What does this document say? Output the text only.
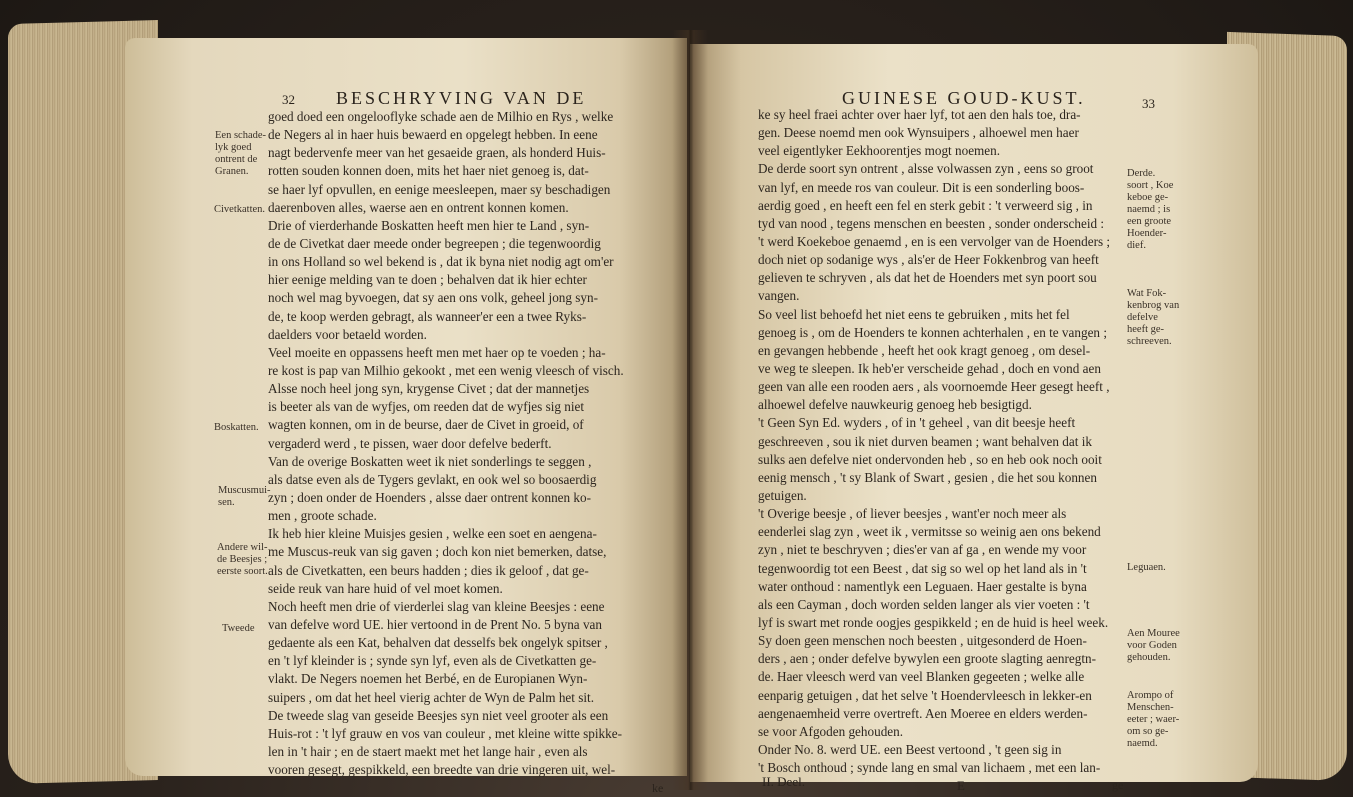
32 BESCHRYVING VAN DE
Een schade-
lyk goed
ontrent de
Granen.
Civetkatten.
Boskatten.
Muscusmui-
sen.
Andere wil-
de Beesjes ;
eerste soort.
Tweede
goed doed een ongelooflyke schade aen de Milhio en Rys , welke
de Negers al in haer huis bewaerd en opgelegt hebben. In eene
nagt bedervenfe meer van het gesaeide graen, als honderd Huis-
rotten souden konnen doen, mits het haer niet genoeg is, dat-
se haer lyf opvullen, en eenige meesleepen, maer sy beschadigen
daerenboven alles, waerse aen en ontrent konnen komen.
Drie of vierderhande Boskatten heeft men hier te Land , syn-
de de Civetkat daer meede onder begreepen ; die tegenwoordig
in ons Holland so wel bekend is , dat ik byna niet nodig agt om'er
hier eenige melding van te doen ; behalven dat ik hier echter
noch wel mag byvoegen, dat sy aen ons volk, geheel jong syn-
de, te koop werden gebragt, als wanneer'er een a twee Ryks-
daelders voor betaeld worden.
Veel moeite en oppassens heeft men met haer op te voeden ; ha-
re kost is pap van Milhio gekookt , met een wenig vleesch of visch.
Alsse noch heel jong syn, krygense Civet ; dat der mannetjes
is beeter als van de wyfjes, om reeden dat de wyfjes sig niet
wagten konnen, om in de beurse, daer de Civet in groeid, of
vergaderd werd , te pissen, waer door defelve bederft.
Van de overige Boskatten weet ik niet sonderlings te seggen ,
als datse even als de Tygers gevlakt, en ook wel so boosaerdig
zyn ; doen onder de Hoenders , alsse daer ontrent konnen ko-
men , groote schade.
Ik heb hier kleine Muisjes gesien , welke een soet en aengena-
me Muscus-reuk van sig gaven ; doch kon niet bemerken, datse,
als de Civetkatten, een beurs hadden ; dies ik geloof , dat ge-
seide reuk van hare huid of vel moet komen.
Noch heeft men drie of vierderlei slag van kleine Beesjes : eene
van defelve word UE. hier vertoond in de Prent No. 5 byna van
gedaente als een Kat, behalven dat desselfs bek ongelyk spitser ,
en 't lyf kleinder is ; synde syn lyf, even als de Civetkatten ge-
vlakt. De Negers noemen het Berbé, en de Europianen Wyn-
suipers , om dat het heel vierig achter de Wyn de Palm het sit.
De tweede slag van geseide Beesjes syn niet veel grooter als een
Huis-rot : 't lyf grauw en vos van couleur , met kleine witte spikke-
len in 't hair ; en de staert maekt met het lange hair , even als
vooren gesegt, gespikkeld, een breedte van drie vingeren uit, wel-
ke
GUINESE GOUD-KUST.	33
ke sy heel fraei achter over haer lyf, tot aen den hals toe, dra-
gen. Deese noemd men ook Wynsuipers , alhoewel men haer
veel eigentlyker Eekhoorentjes mogt noemen.
De derde soort syn ontrent , alsse volwassen zyn , eens so groot
van lyf, en meede ros van couleur. Dit is een sonderling boos-
aerdig goed , en heeft een fel en sterk gebit : 't verweerd sig , in
tyd van nood , tegens menschen en beesten , sonder onderscheid :
't werd Koekeboe genaemd , en is een vervolger van de Hoenders ;
doch niet op sodanige wys , als'er de Heer Fokkenbrog van heeft
gelieven te schryven , als dat het de Hoenders met syn poort sou
vangen.
So veel list behoefd het niet eens te gebruiken , mits het fel
genoeg is , om de Hoenders te konnen achterhalen , en te vangen ;
en gevangen hebbende , heeft het ook kragt genoeg , om desel-
ve weg te sleepen. Ik heb'er verscheide gehad , doch en vond aen
geen van alle een rooden aers , als voornoemde Heer gesegt heeft ,
alhoewel defelve nauwkeurig genoeg heb besigtigd.
't Geen Syn Ed. wyders , of in 't geheel , van dit beesje heeft
geschreeven , sou ik niet durven beamen ; want behalven dat ik
sulks aen defelve niet ondervonden heb , so en heb ook noch ooit
eenig mensch , 't sy Blank of Swart , gesien , die het sou konnen
getuigen.
't Overige beesje , of liever beesjes , want'er noch meer als
eenderlei slag zyn , weet ik , vermitsse so weinig aen ons bekend
zyn , niet te beschryven ; dies'er van af ga , en wende my voor
tegenwoordig tot een Beest , dat sig so wel op het land als in 't
water onthoud : namentlyk een Leguaen. Haer gestalte is byna
als een Cayman , doch worden selden langer als vier voeten : 't
lyf is swart met ronde oogjes gespikkeld ; en de huid is heel week.
Sy doen geen menschen noch beesten , uitgesonderd de Hoen-
ders , aen ; onder defelve bywylen een groote slagting aenregtn-
de. Haer vleesch werd van veel Blanken gegeeten ; welke alle
eenparig getuigen , dat het selve 't Hoendervleesch in lekker-en
aengenaemheid verre overtreft. Aen Moeree en elders werden-
se voor Afgoden gehouden.
Onder No. 8. werd UE. een Beest vertoond , 't geen sig in
't Bosch onthoud ; synde lang en smal van lichaem , met een lan-
Derde.
soort , Koe
keboe ge-
naemd ; is
een groote
Hoender-
dief.
Wat Fok-
kenbrog van
defelve
heeft ge-
schreeven.
Leguaen.
Aen Mouree
voor Goden
gehouden.
Arompo of
Menschen-
eeter ; waer-
om so ge-
naemd.
II. Deel.	E	ge
